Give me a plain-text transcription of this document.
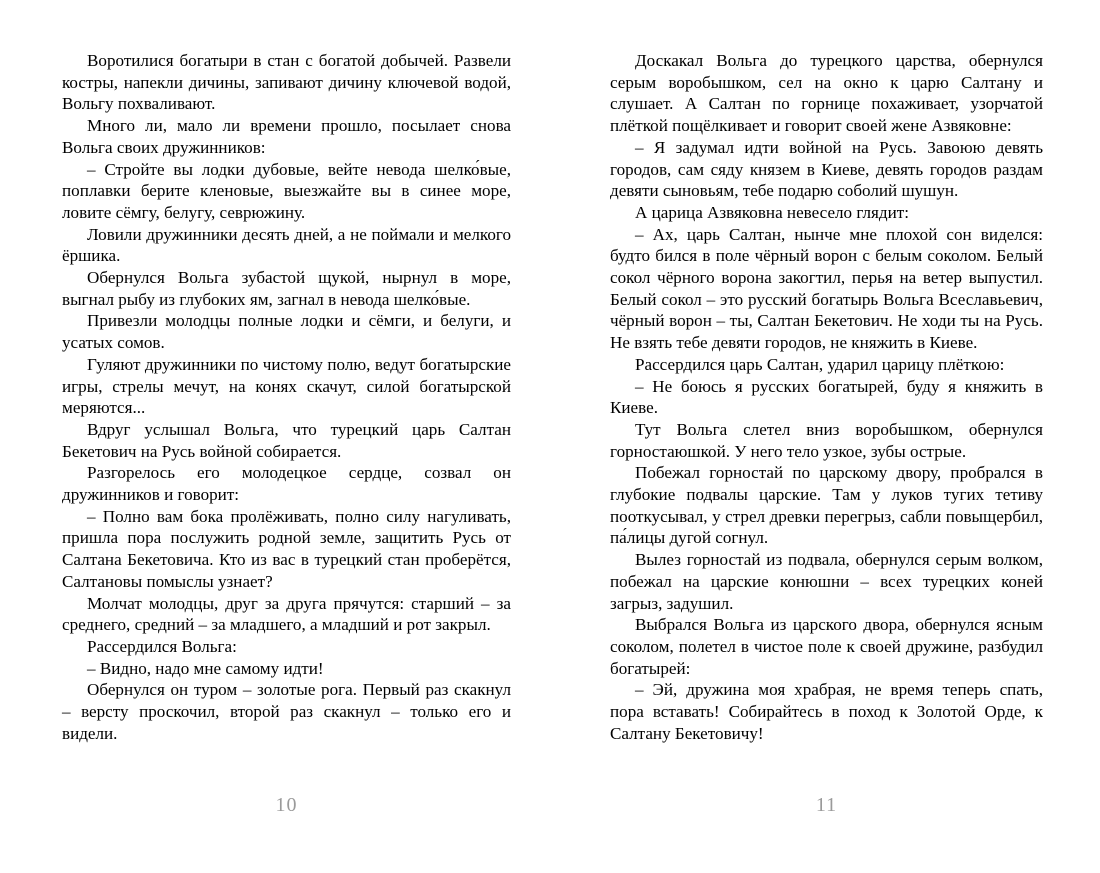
Воротилися богатыри в стан с богатой добычей. Развели костры, напекли дичины, запивают дичину ключевой водой, Вольгу похваливают.

Много ли, мало ли времени прошло, посылает снова Вольга своих дружинников:

– Стройте вы лодки дубовые, вейте невода шелко́вые, поплавки берите кленовые, выезжайте вы в синее море, ловите сёмгу, белугу, севрюжину.

Ловили дружинники десять дней, а не поймали и мелкого ёршика.

Обернулся Вольга зубастой щукой, нырнул в море, выгнал рыбу из глубоких ям, загнал в невода шелко́вые.

Привезли молодцы полные лодки и сёмги, и белуги, и усатых сомов.

Гуляют дружинники по чистому полю, ведут богатырские игры, стрелы мечут, на конях скачут, силой богатырской меряются...

Вдруг услышал Вольга, что турецкий царь Салтан Бекетович на Русь войной собирается.

Разгорелось его молодецкое сердце, созвал он дружинников и говорит:

– Полно вам бока пролёживать, полно силу нагуливать, пришла пора послужить родной земле, защитить Русь от Салтана Бекетовича. Кто из вас в турецкий стан проберётся, Салтановы помыслы узнает?

Молчат молодцы, друг за друга прячутся: старший – за среднего, средний – за младшего, а младший и рот закрыл.

Рассердился Вольга:

– Видно, надо мне самому идти!

Обернулся он туром – золотые рога. Первый раз скакнул – версту проскочил, второй раз скакнул – только его и видели.

10

Доскакал Вольга до турецкого царства, обернулся серым воробышком, сел на окно к царю Салтану и слушает. А Салтан по горнице похаживает, узорчатой плёткой пощёлкивает и говорит своей жене Азвяковне:

– Я задумал идти войной на Русь. Завоюю девять городов, сам сяду князем в Киеве, девять городов раздам девяти сыновьям, тебе подарю соболий шушун.

А царица Азвяковна невесело глядит:

– Ах, царь Салтан, нынче мне плохой сон виделся: будто бился в поле чёрный ворон с белым соколом. Белый сокол чёрного ворона закогтил, перья на ветер выпустил. Белый сокол – это русский богатырь Вольга Всеславьевич, чёрный ворон – ты, Салтан Бекетович. Не ходи ты на Русь. Не взять тебе девяти городов, не княжить в Киеве.

Рассердился царь Салтан, ударил царицу плёткою:

– Не боюсь я русских богатырей, буду я княжить в Киеве.

Тут Вольга слетел вниз воробышком, обернулся горностаюшкой. У него тело узкое, зубы острые.

Побежал горностай по царскому двору, пробрался в глубокие подвалы царские. Там у луков тугих тетиву пооткусывал, у стрел древки перегрыз, сабли повыщербил, па́лицы дугой согнул.

Вылез горностай из подвала, обернулся серым волком, побежал на царские конюшни – всех турецких коней загрыз, задушил.

Выбрался Вольга из царского двора, обернулся ясным соколом, полетел в чистое поле к своей дружине, разбудил богатырей:

– Эй, дружина моя храбрая, не время теперь спать, пора вставать! Собирайтесь в поход к Золотой Орде, к Салтану Бекетовичу!

11
